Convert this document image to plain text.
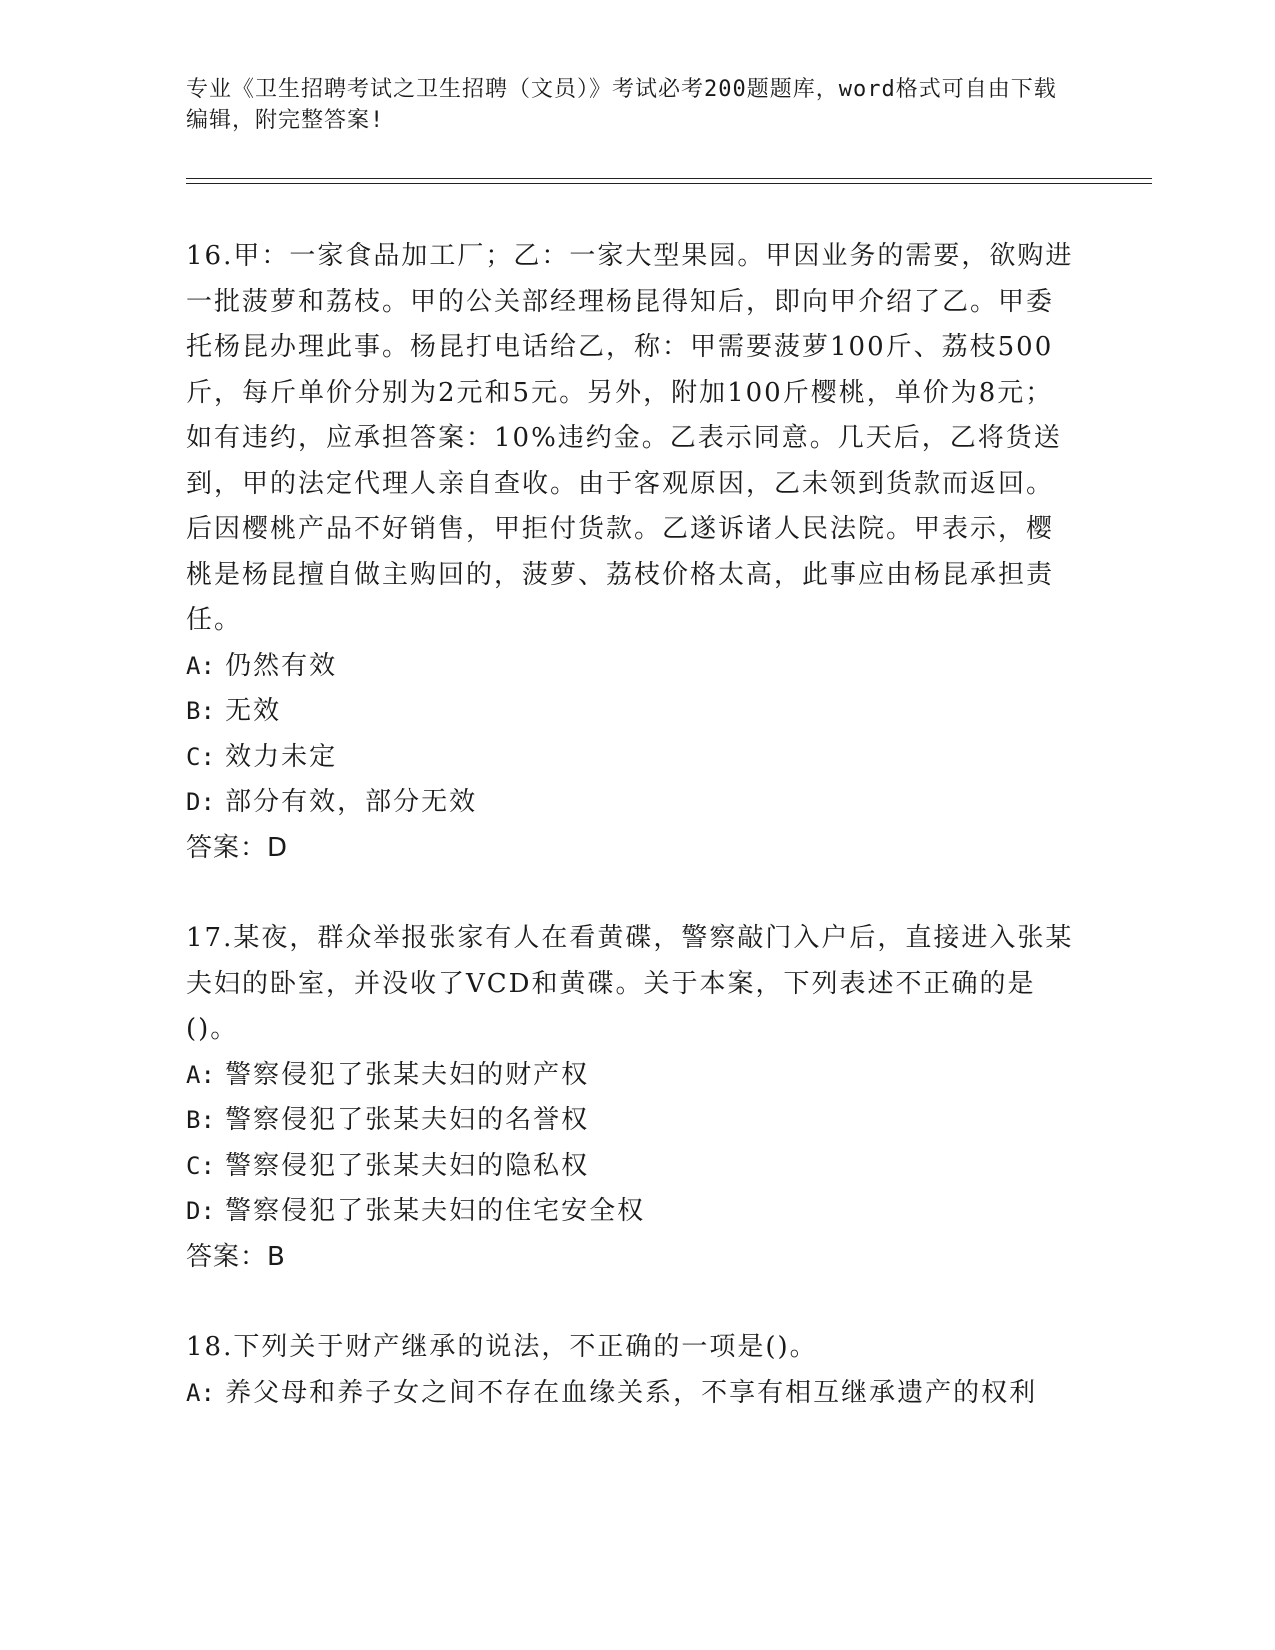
专业《卫生招聘考试之卫生招聘（文员）》考试必考200题题库，word格式可自由下载编辑，附完整答案!

16.甲：一家食品加工厂；乙：一家大型果园。甲因业务的需要，欲购进一批菠萝和荔枝。甲的公关部经理杨昆得知后，即向甲介绍了乙。甲委托杨昆办理此事。杨昆打电话给乙，称：甲需要菠萝100斤、荔枝500斤，每斤单价分别为2元和5元。另外，附加100斤樱桃，单价为8元；如有违约，应承担答案：10%违约金。乙表示同意。几天后，乙将货送到，甲的法定代理人亲自查收。由于客观原因，乙未领到货款而返回。后因樱桃产品不好销售，甲拒付货款。乙遂诉诸人民法院。甲表示，樱桃是杨昆擅自做主购回的，菠萝、荔枝价格太高，此事应由杨昆承担责任。

A: 仍然有效

B: 无效

C: 效力未定

D: 部分有效，部分无效

答案：D

17.某夜，群众举报张家有人在看黄碟，警察敲门入户后，直接进入张某夫妇的卧室，并没收了VCD和黄碟。关于本案，下列表述不正确的是()。

A: 警察侵犯了张某夫妇的财产权

B: 警察侵犯了张某夫妇的名誉权

C: 警察侵犯了张某夫妇的隐私权

D: 警察侵犯了张某夫妇的住宅安全权

答案：B

18.下列关于财产继承的说法，不正确的一项是()。

A: 养父母和养子女之间不存在血缘关系，不享有相互继承遗产的权利
